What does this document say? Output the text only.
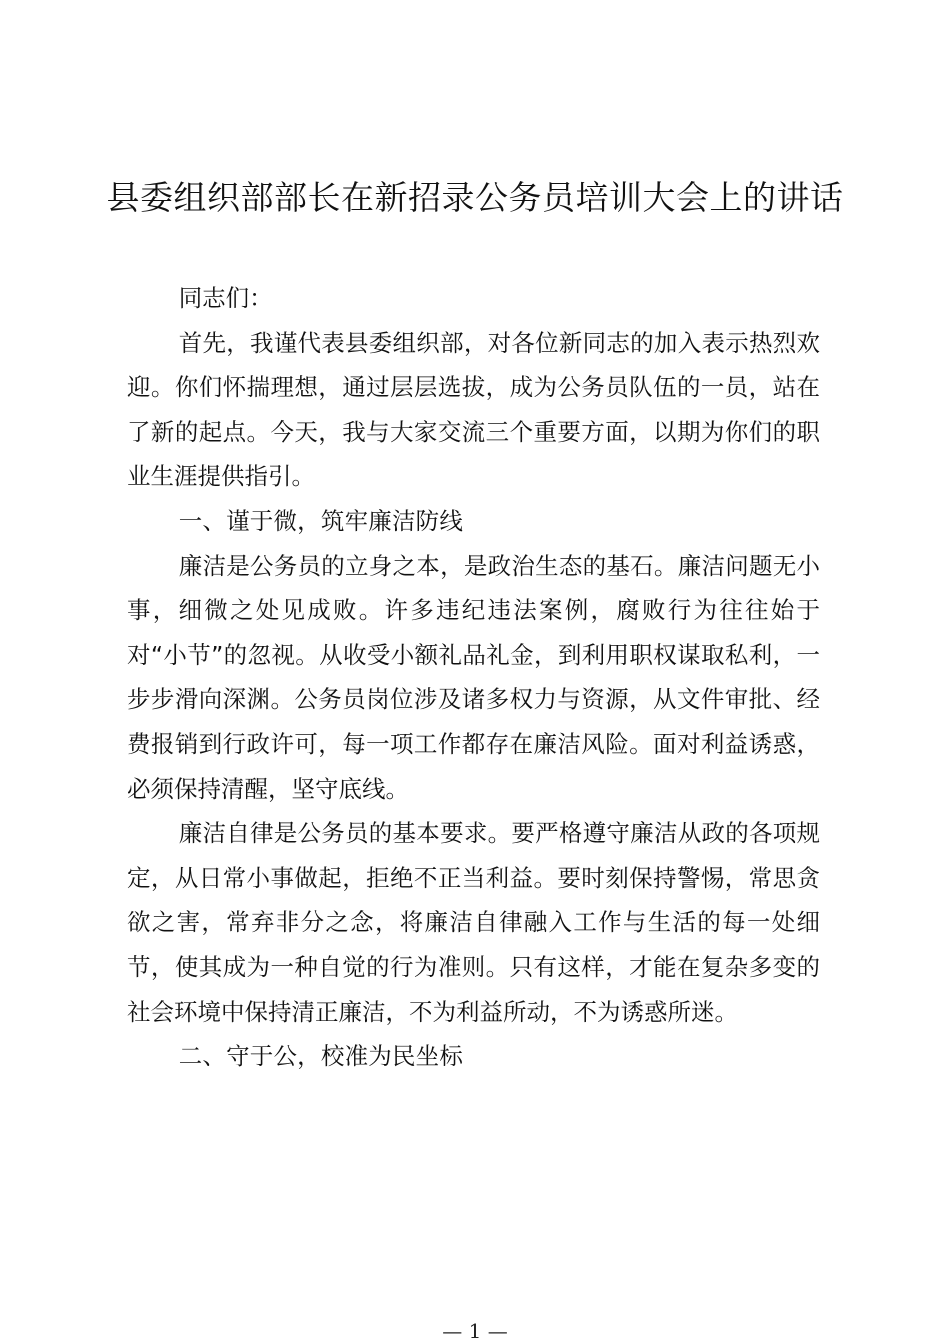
县委组织部部长在新招录公务员培训大会上的讲话

同志们：

首先，我谨代表县委组织部，对各位新同志的加入表示热烈欢迎。你们怀揣理想，通过层层选拔，成为公务员队伍的一员，站在了新的起点。今天，我与大家交流三个重要方面，以期为你们的职业生涯提供指引。

一、谨于微，筑牢廉洁防线

廉洁是公务员的立身之本，是政治生态的基石。廉洁问题无小事，细微之处见成败。许多违纪违法案例，腐败行为往往始于对“小节”的忽视。从收受小额礼品礼金，到利用职权谋取私利，一步步滑向深渊。公务员岗位涉及诸多权力与资源，从文件审批、经费报销到行政许可，每一项工作都存在廉洁风险。面对利益诱惑，必须保持清醒，坚守底线。

廉洁自律是公务员的基本要求。要严格遵守廉洁从政的各项规定，从日常小事做起，拒绝不正当利益。要时刻保持警惕，常思贪欲之害，常弃非分之念，将廉洁自律融入工作与生活的每一处细节，使其成为一种自觉的行为准则。只有这样，才能在复杂多变的社会环境中保持清正廉洁，不为利益所动，不为诱惑所迷。

二、守于公，校准为民坐标

— 1 —
